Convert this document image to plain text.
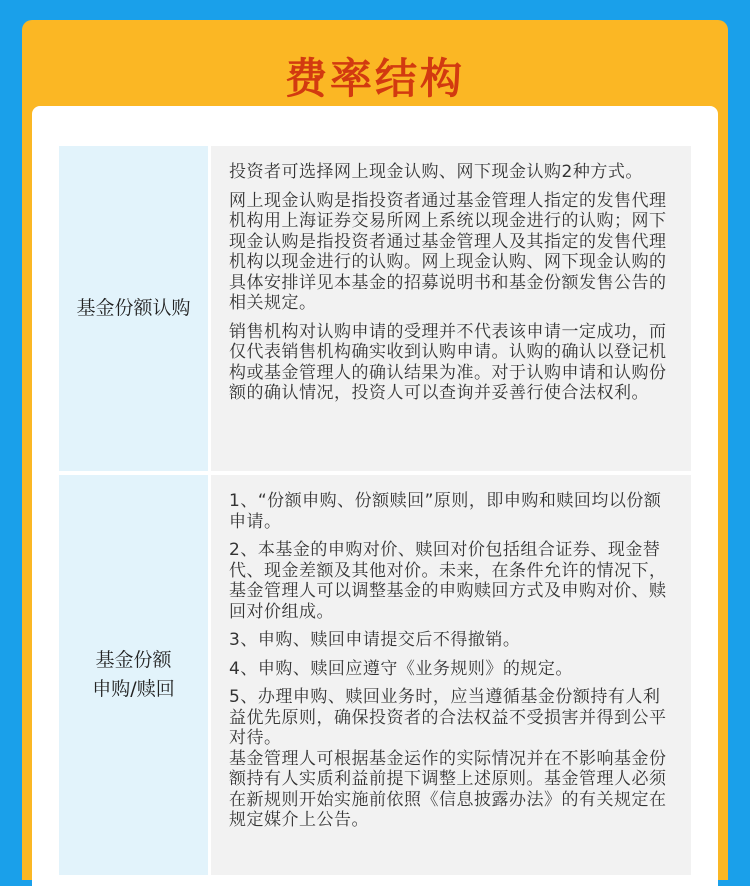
费率结构
基金份额认购

投资者可选择网上现金认购、网下现金认购2种方式。

网上现金认购是指投资者通过基金管理人指定的发售代理机构用上海证券交易所网上系统以现金进行的认购；网下现金认购是指投资者通过基金管理人及其指定的发售代理机构以现金进行的认购。网上现金认购、网下现金认购的具体安排详见本基金的招募说明书和基金份额发售公告的相关规定。

销售机构对认购申请的受理并不代表该申请一定成功，而仅代表销售机构确实收到认购申请。认购的确认以登记机构或基金管理人的确认结果为准。对于认购申请和认购份额的确认情况，投资人可以查询并妥善行使合法权利。

基金份额
申购/赎回

1、“份额申购、份额赎回”原则，即申购和赎回均以份额申请。

2、本基金的申购对价、赎回对价包括组合证券、现金替代、现金差额及其他对价。未来，在条件允许的情况下，基金管理人可以调整基金的申购赎回方式及申购对价、赎回对价组成。

3、申购、赎回申请提交后不得撤销。

4、申购、赎回应遵守《业务规则》的规定。

5、办理申购、赎回业务时，应当遵循基金份额持有人利益优先原则，确保投资者的合法权益不受损害并得到公平对待。

基金管理人可根据基金运作的实际情况并在不影响基金份额持有人实质利益前提下调整上述原则。基金管理人必须在新规则开始实施前依照《信息披露办法》的有关规定在规定媒介上公告。
